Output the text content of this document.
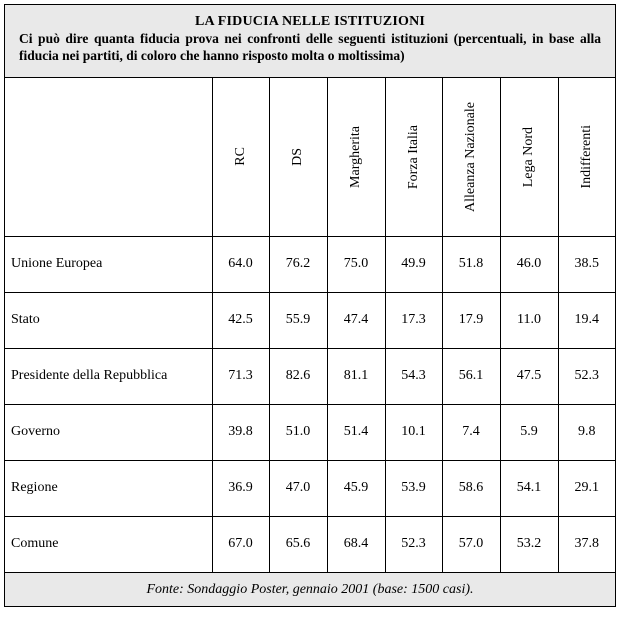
LA FIDUCIA NELLE ISTITUZIONI
Ci può dire quanta fiducia prova nei confronti delle seguenti istituzioni (percentuali, in base alla fiducia nei partiti, di coloro che hanno risposto molta o moltissima)

	RC	DS	Margherita	Forza Italia	Alleanza Nazionale	Lega Nord	Indifferenti

Unione Europea	64.0	76.2	75.0	49.9	51.8	46.0	38.5
Stato	42.5	55.9	47.4	17.3	17.9	11.0	19.4
Presidente della Repubblica	71.3	82.6	81.1	54.3	56.1	47.5	52.3
Governo	39.8	51.0	51.4	10.1	7.4	5.9	9.8
Regione	36.9	47.0	45.9	53.9	58.6	54.1	29.1
Comune	67.0	65.6	68.4	52.3	57.0	53.2	37.8
Fonte: Sondaggio Poster, gennaio 2001 (base: 1500 casi).
